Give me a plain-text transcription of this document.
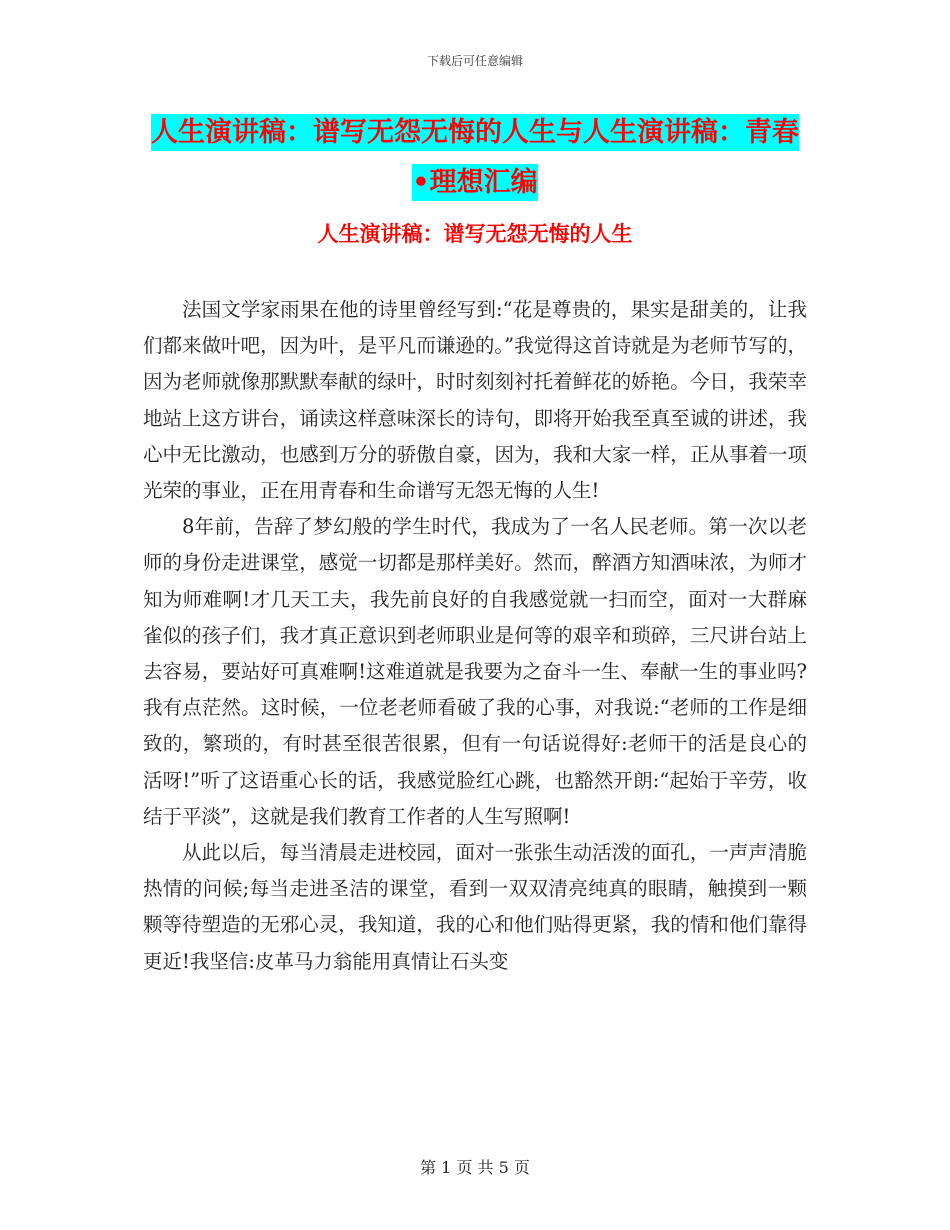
下载后可任意编辑
人生演讲稿：谱写无怨无悔的人生与人生演讲稿：青春•理想汇编
人生演讲稿：谱写无怨无悔的人生

法国文学家雨果在他的诗里曾经写到:“花是尊贵的，果实是甜美的，让我们都来做叶吧，因为叶，是平凡而谦逊的。”我觉得这首诗就是为老师节写的，因为老师就像那默默奉献的绿叶，时时刻刻衬托着鲜花的娇艳。今日，我荣幸地站上这方讲台，诵读这样意味深长的诗句，即将开始我至真至诚的讲述，我心中无比激动，也感到万分的骄傲自豪，因为，我和大家一样，正从事着一项光荣的事业，正在用青春和生命谱写无怨无悔的人生!

8年前，告辞了梦幻般的学生时代，我成为了一名人民老师。第一次以老师的身份走进课堂，感觉一切都是那样美好。然而，醉酒方知酒味浓，为师才知为师难啊!才几天工夫，我先前良好的自我感觉就一扫而空，面对一大群麻雀似的孩子们，我才真正意识到老师职业是何等的艰辛和琐碎，三尺讲台站上去容易，要站好可真难啊!这难道就是我要为之奋斗一生、奉献一生的事业吗?我有点茫然。这时候，一位老老师看破了我的心事，对我说:“老师的工作是细致的，繁琐的，有时甚至很苦很累，但有一句话说得好:老师干的活是良心的活呀!”听了这语重心长的话，我感觉脸红心跳，也豁然开朗:“起始于辛劳，收结于平淡”，这就是我们教育工作者的人生写照啊!

从此以后，每当清晨走进校园，面对一张张生动活泼的面孔，一声声清脆热情的问候;每当走进圣洁的课堂，看到一双双清亮纯真的眼睛，触摸到一颗颗等待塑造的无邪心灵，我知道，我的心和他们贴得更紧，我的情和他们靠得更近!我坚信:皮革马力翁能用真情让石头变

第 1 页 共 5 页
